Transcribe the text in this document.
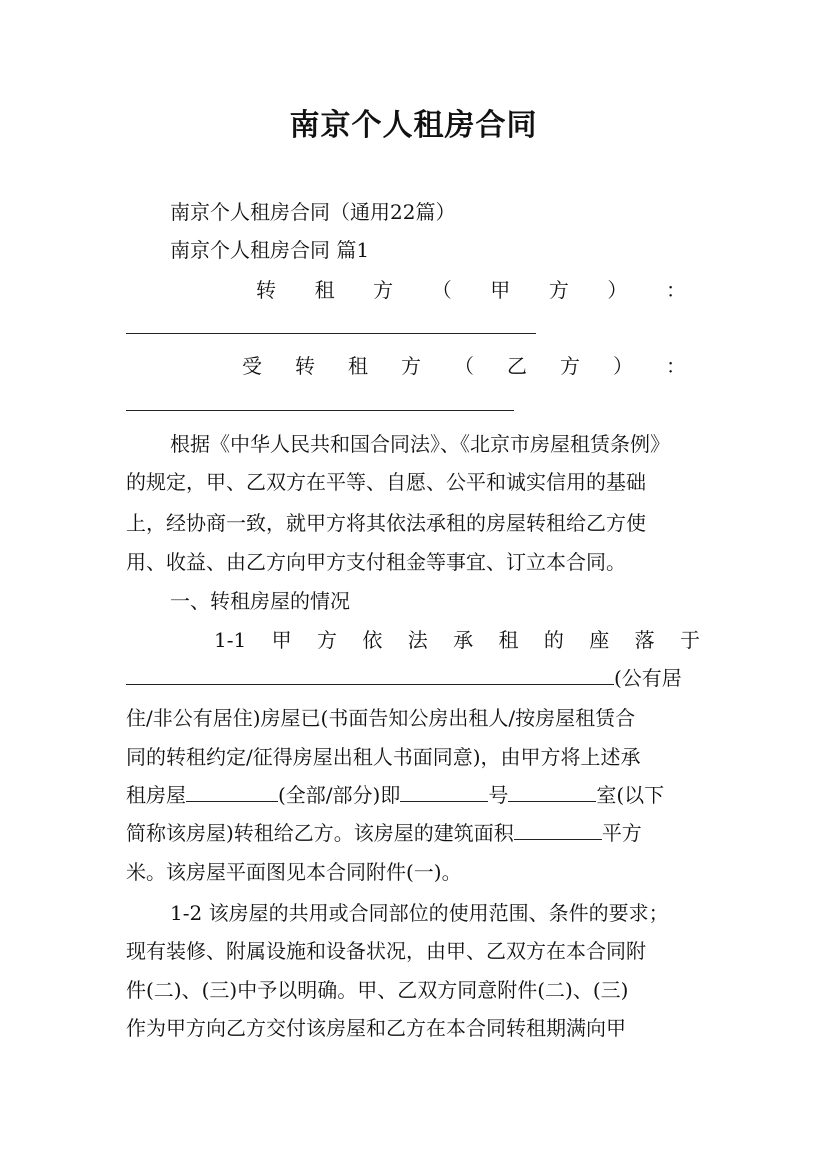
南京个人租房合同
南京个人租房合同（通用22篇）
南京个人租房合同 篇1
转 租 方 （ 甲 方 ） ：
受 转 租 方 （ 乙 方 ） ：
根据《中华人民共和国合同法》、《北京市房屋租赁条例》
的规定，甲、乙双方在平等、自愿、公平和诚实信用的基础
上，经协商一致，就甲方将其依法承租的房屋转租给乙方使
用、收益、由乙方向甲方支付租金等事宜、订立本合同。
一、转租房屋的情况
1-1 甲 方 依 法 承 租 的 座 落 于
(公有居
住/非公有居住)房屋已(书面告知公房出租人/按房屋租赁合
同的转租约定/征得房屋出租人书面同意)，由甲方将上述承
租房屋	(全部/部分)即	号	室(以下
简称该房屋)转租给乙方。该房屋的建筑面积	平方
米。该房屋平面图见本合同附件(一)。
1-2 该房屋的共用或合同部位的使用范围、条件的要求；
现有装修、附属设施和设备状况，由甲、乙双方在本合同附
件(二)、(三)中予以明确。甲、乙双方同意附件(二)、(三)
作为甲方向乙方交付该房屋和乙方在本合同转租期满向甲
